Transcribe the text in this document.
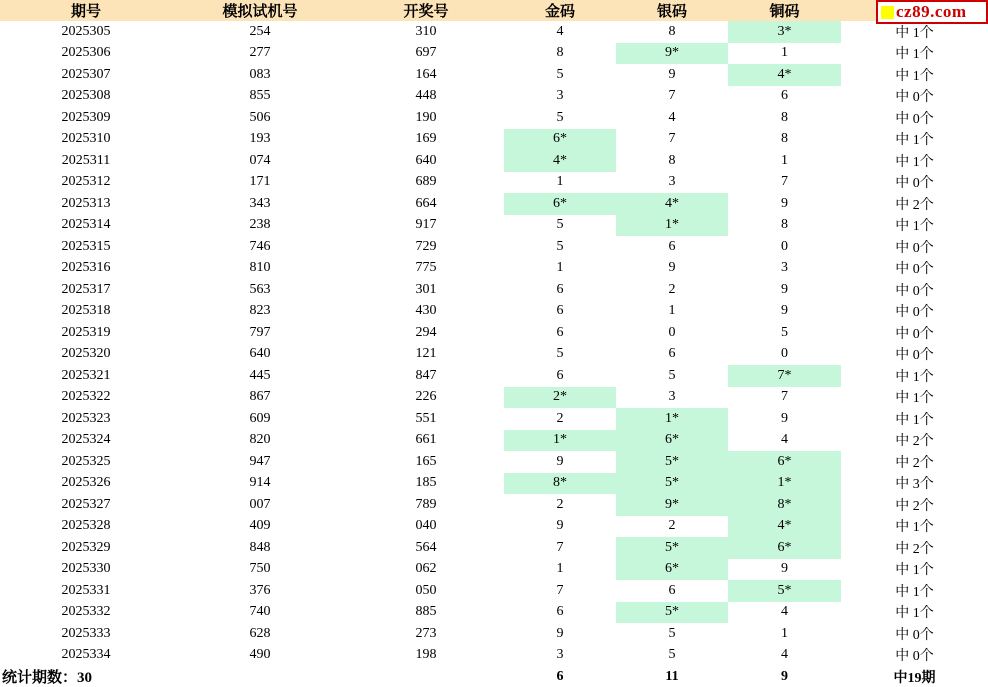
期号	模拟试机号	开奖号	金码	银码	铜码	
2025305	254	310	4	8	3*	中 1个
2025306	277	697	8	9*	1	中 1个
2025307	083	164	5	9	4*	中 1个
2025308	855	448	3	7	6	中 0个
2025309	506	190	5	4	8	中 0个
2025310	193	169	6*	7	8	中 1个
2025311	074	640	4*	8	1	中 1个
2025312	171	689	1	3	7	中 0个
2025313	343	664	6*	4*	9	中 2个
2025314	238	917	5	1*	8	中 1个
2025315	746	729	5	6	0	中 0个
2025316	810	775	1	9	3	中 0个
2025317	563	301	6	2	9	中 0个
2025318	823	430	6	1	9	中 0个
2025319	797	294	6	0	5	中 0个
2025320	640	121	5	6	0	中 0个
2025321	445	847	6	5	7*	中 1个
2025322	867	226	2*	3	7	中 1个
2025323	609	551	2	1*	9	中 1个
2025324	820	661	1*	6*	4	中 2个
2025325	947	165	9	5*	6*	中 2个
2025326	914	185	8*	5*	1*	中 3个
2025327	007	789	2	9*	8*	中 2个
2025328	409	040	9	2	4*	中 1个
2025329	848	564	7	5*	6*	中 2个
2025330	750	062	1	6*	9	中 1个
2025331	376	050	7	6	5*	中 1个
2025332	740	885	6	5*	4	中 1个
2025333	628	273	9	5	1	中 0个
2025334	490	198	3	5	4	中 0个
统计期数：30			6	11	9	中19期
cz89.com
